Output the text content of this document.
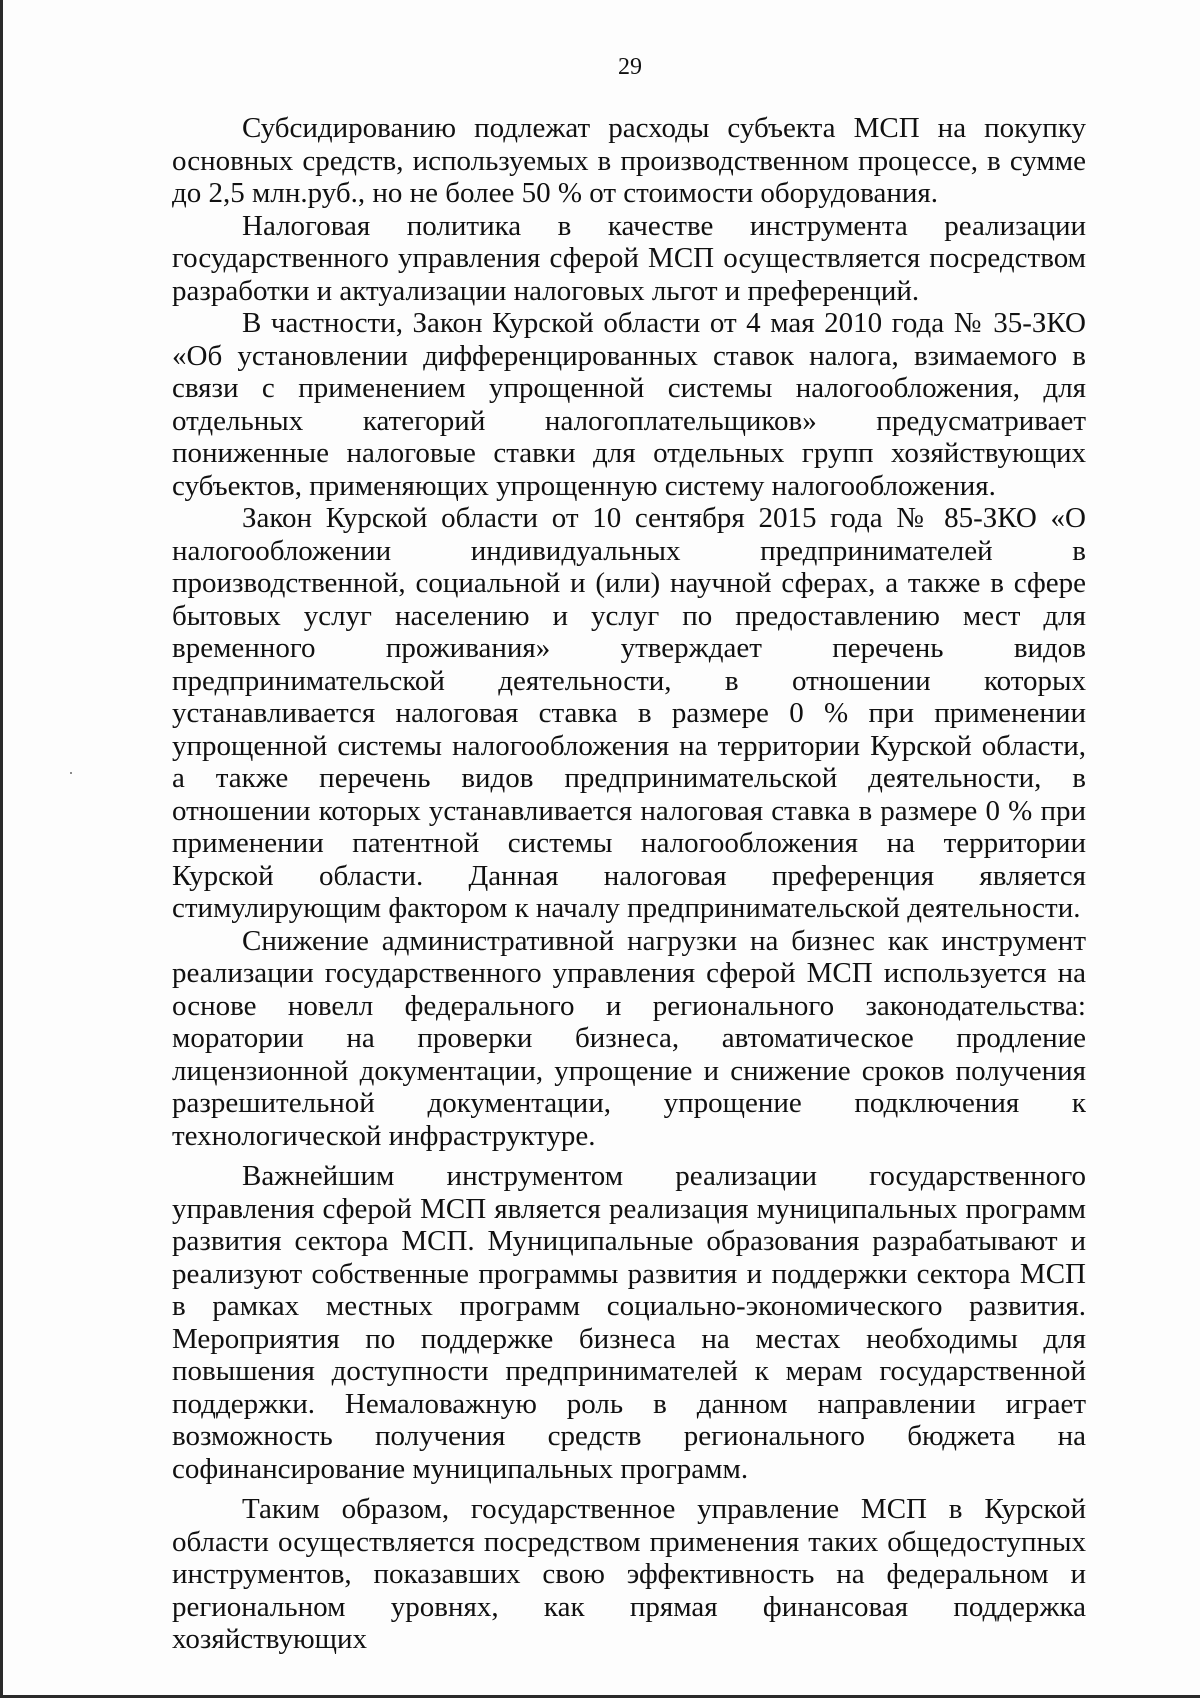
29

Субсидированию подлежат расходы субъекта МСП на покупку основных средств, используемых в производственном процессе, в сумме до 2,5 млн.руб., но не более 50 % от стоимости оборудования.

Налоговая политика в качестве инструмента реализации государственного управления сферой МСП осуществляется посредством разработки и актуализации налоговых льгот и преференций.

В частности, Закон Курской области от 4 мая 2010 года № 35-ЗКО «Об установлении дифференцированных ставок налога, взимаемого в связи с применением упрощенной системы налогообложения, для отдельных категорий налогоплательщиков» предусматривает пониженные налоговые ставки для отдельных групп хозяйствующих субъектов, применяющих упрощенную систему налогообложения.

Закон Курской области от 10 сентября 2015 года № 85-ЗКО «О налогообложении индивидуальных предпринимателей в производственной, социальной и (или) научной сферах, а также в сфере бытовых услуг населению и услуг по предоставлению мест для временного проживания» утверждает перечень видов предпринимательской деятельности, в отношении которых устанавливается налоговая ставка в размере 0 % при применении упрощенной системы налогообложения на территории Курской области, а также перечень видов предпринимательской деятельности, в отношении которых устанавливается налоговая ставка в размере 0 % при применении патентной системы налогообложения на территории Курской области. Данная налоговая преференция является стимулирующим фактором к началу предпринимательской деятельности.

Снижение административной нагрузки на бизнес как инструмент реализации государственного управления сферой МСП используется на основе новелл федерального и регионального законодательства: моратории на проверки бизнеса, автоматическое продление лицензионной документации, упрощение и снижение сроков получения разрешительной документации, упрощение подключения к технологической инфраструктуре.

Важнейшим инструментом реализации государственного управления сферой МСП является реализация муниципальных программ развития сектора МСП. Муниципальные образования разрабатывают и реализуют собственные программы развития и поддержки сектора МСП в рамках местных программ социально-экономического развития. Мероприятия по поддержке бизнеса на местах необходимы для повышения доступности предпринимателей к мерам государственной поддержки. Немаловажную роль в данном направлении играет возможность получения средств регионального бюджета на софинансирование муниципальных программ.

Таким образом, государственное управление МСП в Курской области осуществляется посредством применения таких общедоступных инструментов, показавших свою эффективность на федеральном и региональном уровнях, как прямая финансовая поддержка хозяйствующих
